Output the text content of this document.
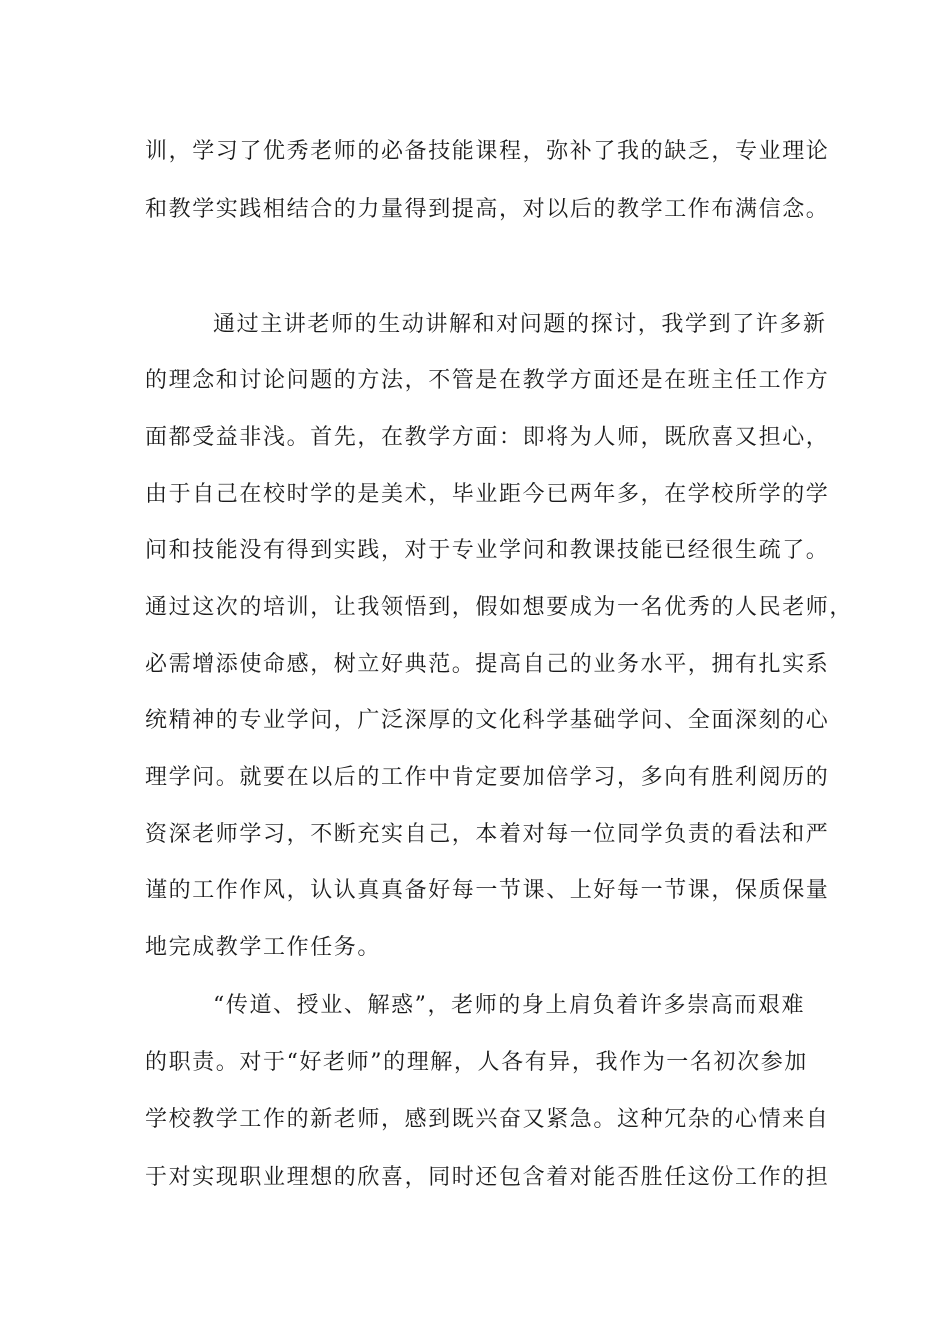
训，学习了优秀老师的必备技能课程，弥补了我的缺乏，专业理论

和教学实践相结合的力量得到提高，对以后的教学工作布满信念。

通过主讲老师的生动讲解和对问题的探讨，我学到了许多新

的理念和讨论问题的方法，不管是在教学方面还是在班主任工作方

面都受益非浅。首先，在教学方面：即将为人师，既欣喜又担心，

由于自己在校时学的是美术，毕业距今已两年多，在学校所学的学

问和技能没有得到实践，对于专业学问和教课技能已经很生疏了。

通过这次的培训，让我领悟到，假如想要成为一名优秀的人民老师，

必需增添使命感，树立好典范。提高自己的业务水平，拥有扎实系

统精神的专业学问，广泛深厚的文化科学基础学问、全面深刻的心

理学问。就要在以后的工作中肯定要加倍学习，多向有胜利阅历的

资深老师学习，不断充实自己，本着对每一位同学负责的看法和严

谨的工作作风，认认真真备好每一节课、上好每一节课，保质保量

地完成教学工作任务。

“传道、授业、解惑”，老师的身上肩负着许多崇高而艰难

的职责。对于“好老师”的理解，人各有异，我作为一名初次参加

学校教学工作的新老师，感到既兴奋又紧急。这种冗杂的心情来自

于对实现职业理想的欣喜，同时还包含着对能否胜任这份工作的担
